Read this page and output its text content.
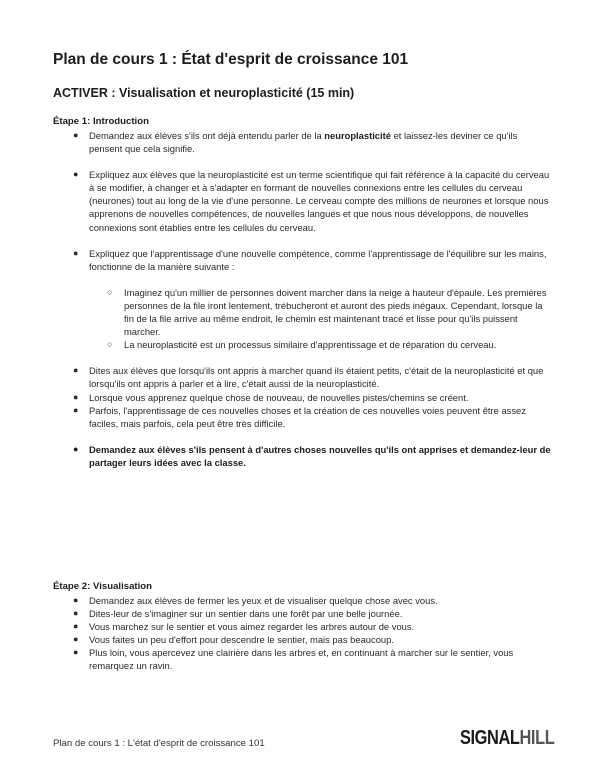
Plan de cours 1 : État d'esprit de croissance 101
ACTIVER : Visualisation et neuroplasticité (15 min)
Étape 1: Introduction
● Demandez aux élèves s'ils ont déjà entendu parler de la neuroplasticité et laissez-les deviner ce qu'ils pensent que cela signifie.
● Expliquez aux élèves que la neuroplasticité est un terme scientifique qui fait référence à la capacité du cerveau à se modifier, à changer et à s'adapter en formant de nouvelles connexions entre les cellules du cerveau (neurones) tout au long de la vie d'une personne. Le cerveau compte des millions de neurones et lorsque nous apprenons de nouvelles compétences, de nouvelles langues et que nous nous développons, de nouvelles connexions sont établies entre les cellules du cerveau.
● Expliquez que l'apprentissage d'une nouvelle compétence, comme l'apprentissage de l'équilibre sur les mains, fonctionne de la manière suivante :
○ Imaginez qu'un millier de personnes doivent marcher dans la neige à hauteur d'épaule. Les premières personnes de la file iront lentement, trébucheront et auront des pieds inégaux. Cependant, lorsque la fin de la file arrive au même endroit, le chemin est maintenant tracé et lisse pour qu'ils puissent marcher.
○ La neuroplasticité est un processus similaire d'apprentissage et de réparation du cerveau.
● Dites aux élèves que lorsqu'ils ont appris à marcher quand ils étaient petits, c'était de la neuroplasticité et que lorsqu'ils ont appris à parler et à lire, c'était aussi de la neuroplasticité.
● Lorsque vous apprenez quelque chose de nouveau, de nouvelles pistes/chemins se créent.
● Parfois, l'apprentissage de ces nouvelles choses et la création de ces nouvelles voies peuvent être assez faciles, mais parfois, cela peut être très difficile.
● Demandez aux élèves s'ils pensent à d'autres choses nouvelles qu'ils ont apprises et demandez-leur de partager leurs idées avec la classe.
Étape 2: Visualisation
● Demandez aux élèves de fermer les yeux et de visualiser quelque chose avec vous.
● Dites-leur de s'imaginer sur un sentier dans une forêt par une belle journée.
● Vous marchez sur le sentier et vous aimez regarder les arbres autour de vous.
● Vous faites un peu d'effort pour descendre le sentier, mais pas beaucoup.
● Plus loin, vous apercevez une clairière dans les arbres et, en continuant à marcher sur le sentier, vous remarquez un ravin.
Plan de cours 1 : L'état d'esprit de croissance 101	SIGNALHILL
